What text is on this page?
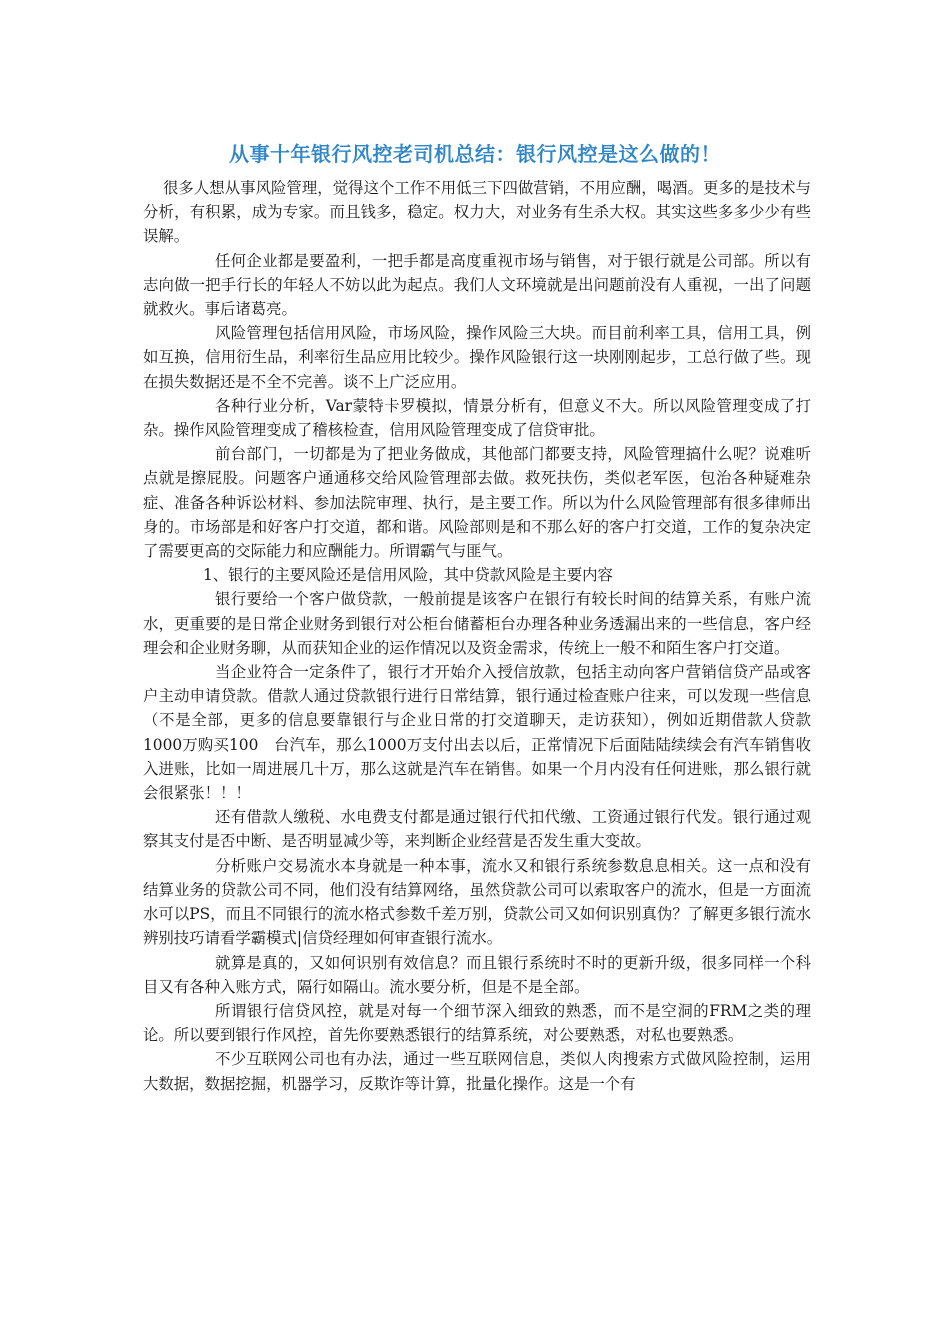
从事十年银行风控老司机总结：银行风控是这么做的！

很多人想从事风险管理，觉得这个工作不用低三下四做营销，不用应酬，喝酒。更多的是技术与分析，有积累，成为专家。而且钱多，稳定。权力大，对业务有生杀大权。其实这些多多少少有些误解。

任何企业都是要盈利，一把手都是高度重视市场与销售，对于银行就是公司部。所以有志向做一把手行长的年轻人不妨以此为起点。我们人文环境就是出问题前没有人重视，一出了问题就救火。事后诸葛亮。

风险管理包括信用风险，市场风险，操作风险三大块。而目前利率工具，信用工具，例如互换，信用衍生品，利率衍生品应用比较少。操作风险银行这一块刚刚起步，工总行做了些。现在损失数据还是不全不完善。谈不上广泛应用。

各种行业分析，Var蒙特卡罗模拟，情景分析有，但意义不大。所以风险管理变成了打杂。操作风险管理变成了稽核检查，信用风险管理变成了信贷审批。

前台部门，一切都是为了把业务做成，其他部门都要支持，风险管理搞什么呢？说难听点就是擦屁股。问题客户通通移交给风险管理部去做。救死扶伤，类似老军医，包治各种疑难杂症、准备各种诉讼材料、参加法院审理、执行，是主要工作。所以为什么风险管理部有很多律师出身的。市场部是和好客户打交道，都和谐。风险部则是和不那么好的客户打交道，工作的复杂决定了需要更高的交际能力和应酬能力。所谓霸气与匪气。

1、银行的主要风险还是信用风险，其中贷款风险是主要内容

银行要给一个客户做贷款，一般前提是该客户在银行有较长时间的结算关系，有账户流水，更重要的是日常企业财务到银行对公柜台储蓄柜台办理各种业务透漏出来的一些信息，客户经理会和企业财务聊，从而获知企业的运作情况以及资金需求，传统上一般不和陌生客户打交道。

当企业符合一定条件了，银行才开始介入授信放款，包括主动向客户营销信贷产品或客户主动申请贷款。借款人通过贷款银行进行日常结算，银行通过检查账户往来，可以发现一些信息（不是全部，更多的信息要靠银行与企业日常的打交道聊天，走访获知），例如近期借款人贷款1000万购买100　台汽车，那么1000万支付出去以后，正常情况下后面陆陆续续会有汽车销售收入进账，比如一周进展几十万，那么这就是汽车在销售。如果一个月内没有任何进账，那么银行就会很紧张！！！

还有借款人缴税、水电费支付都是通过银行代扣代缴、工资通过银行代发。银行通过观察其支付是否中断、是否明显减少等，来判断企业经营是否发生重大变故。

分析账户交易流水本身就是一种本事，流水又和银行系统参数息息相关。这一点和没有结算业务的贷款公司不同，他们没有结算网络，虽然贷款公司可以索取客户的流水，但是一方面流水可以PS，而且不同银行的流水格式参数千差万别，贷款公司又如何识别真伪？了解更多银行流水辨别技巧请看学霸模式|信贷经理如何审查银行流水。

就算是真的，又如何识别有效信息？而且银行系统时不时的更新升级，很多同样一个科目又有各种入账方式，隔行如隔山。流水要分析，但是不是全部。

所谓银行信贷风控，就是对每一个细节深入细致的熟悉，而不是空洞的FRM之类的理论。所以要到银行作风控，首先你要熟悉银行的结算系统，对公要熟悉，对私也要熟悉。

不少互联网公司也有办法，通过一些互联网信息，类似人肉搜索方式做风险控制，运用大数据，数据挖掘，机器学习，反欺诈等计算，批量化操作。这是一个有
